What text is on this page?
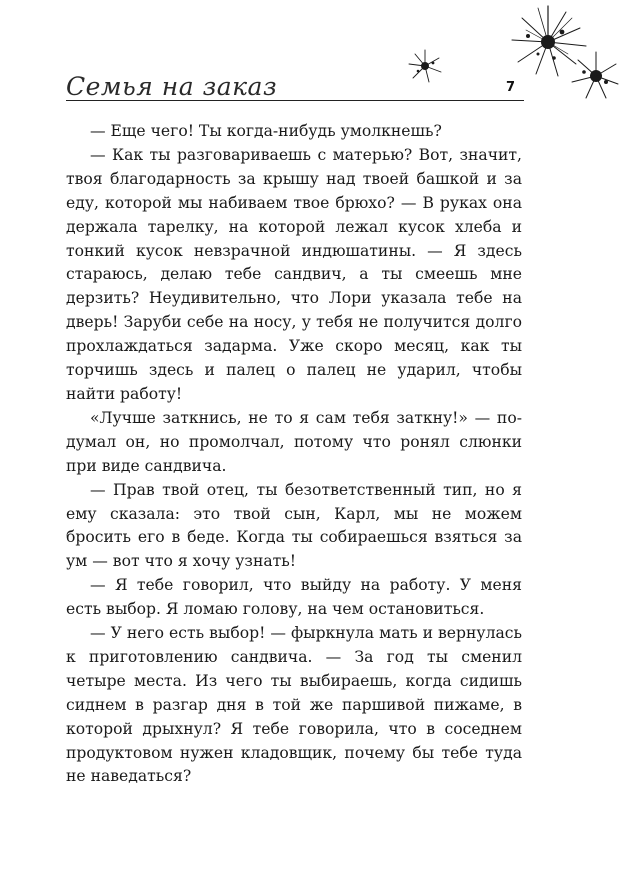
Семья на заказ	7

— Еще чего! Ты когда-нибудь умолкнешь?

— Как ты разговариваешь с матерью? Вот, значит, твоя благодарность за крышу над твоей башкой и за еду, которой мы набиваем твое брюхо? — В руках она держала тарелку, на которой лежал кусок хлеба и тонкий кусок невзрачной индюшатины. — Я здесь стараюсь, делаю тебе сандвич, а ты смеешь мне дерзить? Неудивительно, что Лори указала тебе на дверь! Заруби себе на носу, у тебя не получится долго прохлаждаться задарма. Уже скоро месяц, как ты торчишь здесь и палец о палец не ударил, чтобы найти работу!

«Лучше заткнись, не то я сам тебя заткну!» — подумал он, но промолчал, потому что ронял слюнки при виде сандвича.

— Прав твой отец, ты безответственный тип, но я ему сказала: это твой сын, Карл, мы не можем бросить его в беде. Когда ты собираешься взяться за ум — вот что я хочу узнать!

— Я тебе говорил, что выйду на работу. У меня есть выбор. Я ломаю голову, на чем остановиться.

— У него есть выбор! — фыркнула мать и вернулась к приготовлению сандвича. — За год ты сменил четыре места. Из чего ты выбираешь, когда сидишь сиднем в разгар дня в той же паршивой пижаме, в которой дрыхнул? Я тебе говорила, что в соседнем продуктовом нужен кладовщик, почему бы тебе туда не наведаться?
